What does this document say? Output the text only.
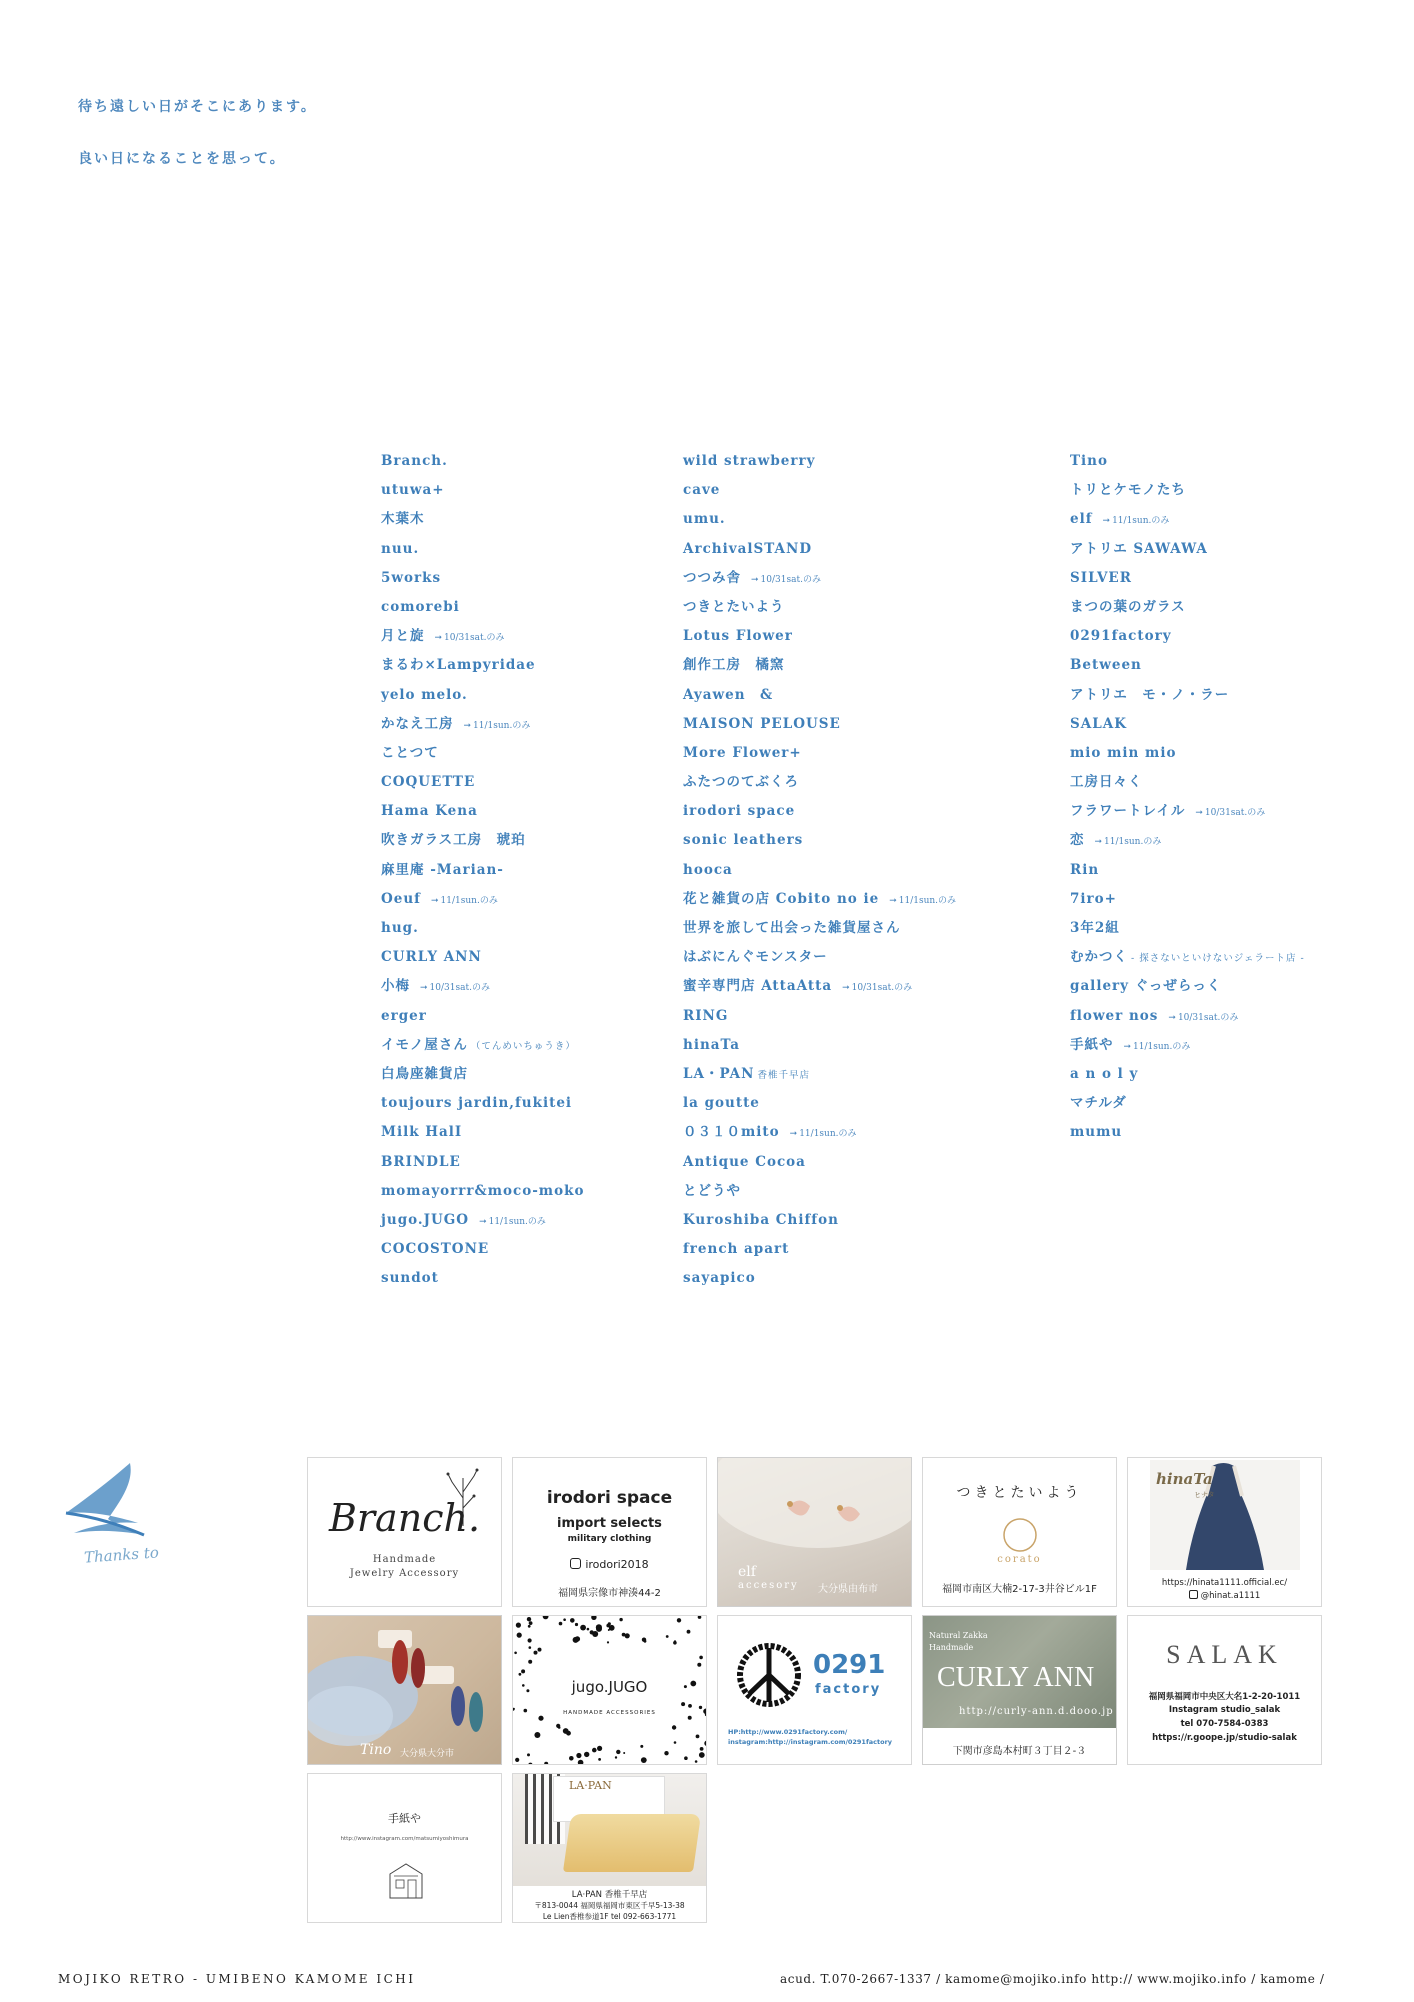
待ち遠しい日がそこにあります。

良い日になることを思って。

Branch.
utuwa+
木葉木
nuu.
5works
comorebi
月と旋 ➞ 10/31sat.のみ
まるわ×Lampyridae
yelo melo.
かなえ工房 ➞ 11/1sun.のみ
ことつて
COQUETTE
Hama Kena
吹きガラス工房　琥珀
麻里庵 -Marian-
Oeuf ➞ 11/1sun.のみ
hug.
CURLY ANN
小梅 ➞ 10/31sat.のみ
erger
イモノ屋さん （てんめいちゅうき）
白鳥座雑貨店
toujours jardin,fukitei
Milk HalI
BRINDLE
momayorrr&moco-moko
jugo.JUGO ➞ 11/1sun.のみ
COCOSTONE
sundot
wild strawberry
cave
umu.
ArchivalSTAND
つつみ舎 ➞ 10/31sat.のみ
つきとたいよう
Lotus Flower
創作工房　橘窯
Ayawen　&
MAISON PELOUSE
More Flower+
ふたつのてぶくろ
irodori space
sonic leathers
hooca
花と雑貨の店 Cobito no ie ➞ 11/1sun.のみ
世界を旅して出会った雑貨屋さん
はぶにんぐモンスター
蜜辛専門店 AttaAtta ➞ 10/31sat.のみ
RING
hinaTa
LA・PAN 香椎千早店
la goutte
０３１０mito ➞ 11/1sun.のみ
Antique Cocoa
とどうや
Kuroshiba Chiffon
french apart
sayapico
Tino
トリとケモノたち
elf ➞ 11/1sun.のみ
アトリエ SAWAWA
SILVER
まつの葉のガラス
0291factory
Between
アトリエ　モ・ノ・ラー
SALAK
mio min mio
工房日々く
フラワートレイル ➞ 10/31sat.のみ
恋 ➞ 11/1sun.のみ
Rin
7iro+
3年2組
むかつく - 探さないといけないジェラート店 -
gallery ぐっぜらっく
flower nos ➞ 10/31sat.のみ
手紙や ➞ 11/1sun.のみ
a n o l y
マチルダ
mumu
Thanks to
Branch.
Handmade
Jewelry Accessory
irodori space
import selects
military clothing
irodori2018
福岡県宗像市神湊44-2
elf
accesory 大分県由布市
つきとたいよう
corato
福岡市南区大楠2-17-3井谷ビル1F
hinaTa
ヒナタ
https://hinata1111.official.ec/
@hinat.a1111
Tino 大分県大分市
jugo.JUGO
HANDMADE ACCESSORIES
0291
factory
HP:http://www.0291factory.com/
instagram:http://instagram.com/0291factory
Natural Zakka Handmade
CURLY ANN
http://curly-ann.d.dooo.jp
下関市彦島本村町３丁目２-３
SALAK
福岡県福岡市中央区大名1-2-20-1011
Instagram studio_salak
tel 070-7584-0383
https://r.goope.jp/studio-salak
手紙や
http://www.instagram.com/matsumiyoshimura
LA·PAN
LA·PAN 香椎千早店
〒813-0044 福岡県福岡市東区千早5-13-38
Le Lien香椎参道1F tel 092-663-1771
MOJIKO RETRO - UMIBENO KAMOME ICHI	acud. T.070-2667-1337 / kamome@mojiko.info http:// www.mojiko.info / kamome /
